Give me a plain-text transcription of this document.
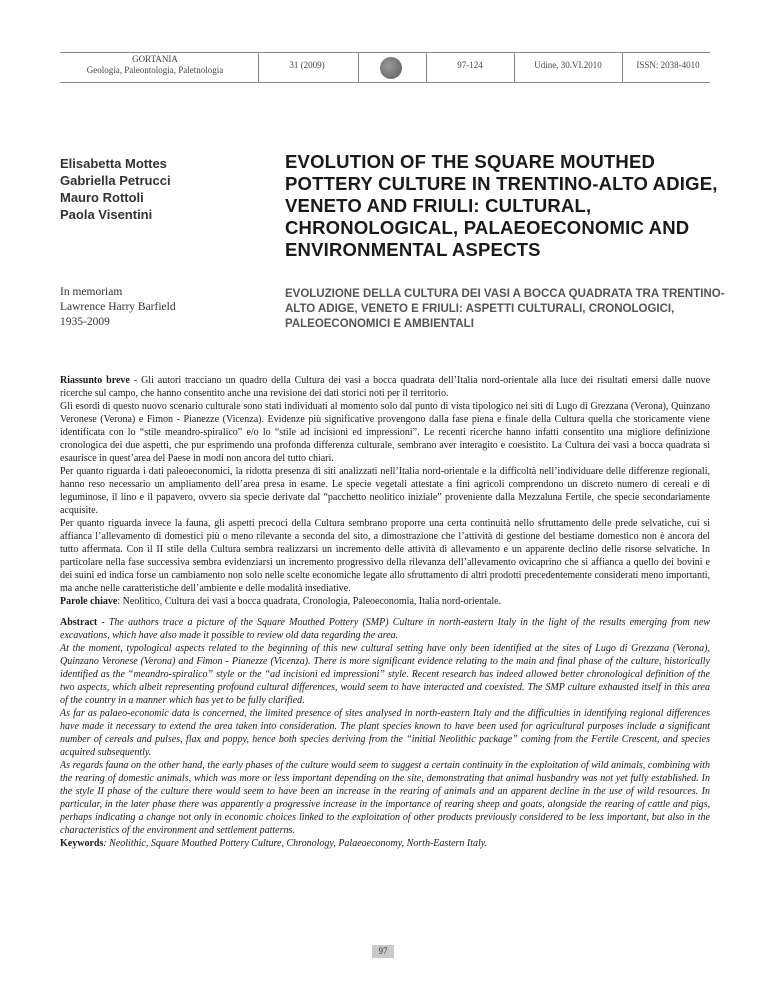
GORTANIA
Geologia, Paleontologia, Paletnologia	31 (2009)	97-124	Udine, 30.VI.2010	ISSN: 2038-4010
Elisabetta Mottes
Gabriella Petrucci
Mauro Rottoli
Paola Visentini
In memoriam
Lawrence Harry Barfield
1935-2009
EVOLUTION OF THE SQUARE MOUTHED POTTERY CULTURE IN TRENTINO-ALTO ADIGE, VENETO AND FRIULI: CULTURAL, CHRONOLOGICAL, PALAEOECONOMIC AND ENVIRONMENTAL ASPECTS
EVOLUZIONE DELLA CULTURA DEI VASI A BOCCA QUADRATA TRA TRENTINO-ALTO ADIGE, VENETO E FRIULI: ASPETTI CULTURALI, CRONOLOGICI, PALEOECONOMICI E AMBIENTALI

Riassunto breve - Gli autori tracciano un quadro della Cultura dei vasi a bocca quadrata dell’Italia nord-orientale alla luce dei risultati emersi dalle nuove ricerche sul campo, che hanno consentito anche una revisione dei dati storici noti per il territorio.

Gli esordi di questo nuovo scenario culturale sono stati individuati al momento solo dal punto di vista tipologico nei siti di Lugo di Grezzana (Verona), Quinzano Veronese (Verona) e Fimon - Pianezze (Vicenza). Evidenze più significative provengono dalla fase piena e finale della Cultura quella che storicamente viene identificata con lo “stile meandro-spiralico” e/o lo “stile ad incisioni ed impressioni”. Le recenti ricerche hanno infatti consentito una migliore definizione cronologica dei due aspetti, che pur esprimendo una profonda differenza culturale, sembrano aver interagito e coesistito. La Cultura dei vasi a bocca quadrata si esaurisce in quest’area del Paese in modi non ancora del tutto chiari.

Per quanto riguarda i dati paleoeconomici, la ridotta presenza di siti analizzati nell’Italia nord-orientale e la difficoltà nell’individuare delle differenze regionali, hanno reso necessario un ampliamento dell’area presa in esame. Le specie vegetali attestate a fini agricoli comprendono un discreto numero di cereali e di leguminose, il lino e il papavero, ovvero sia specie derivate dal “pacchetto neolitico iniziale” proveniente dalla Mezzaluna Fertile, che specie secondariamente acquisite.

Per quanto riguarda invece la fauna, gli aspetti precoci della Cultura sembrano proporre una certa continuità nello sfruttamento delle prede selvatiche, cui si affianca l’allevamento di domestici più o meno rilevante a seconda del sito, a dimostrazione che l’attività di gestione del bestiame domestico non è ancora del tutto affermata. Con il II stile della Cultura sembra realizzarsi un incremento delle attività di allevamento e un apparente declino delle risorse selvatiche. In particolare nella fase successiva sembra evidenziarsi un incremento progressivo della rilevanza dell’allevamento ovicaprino che si affianca a quello dei bovini e dei suini ed indica forse un cambiamento non solo nelle scelte economiche legate allo sfruttamento di altri prodotti precedentemente considerati meno importanti, ma anche nelle caratteristiche dell’ambiente e delle modalità insediative.

Parole chiave: Neolitico, Cultura dei vasi a bocca quadrata, Cronologia, Paleoeconomia, Italia nord-orientale.

Abstract - The authors trace a picture of the Square Mouthed Pottery (SMP) Culture in north-eastern Italy in the light of the results emerging from new excavations, which have also made it possible to review old data regarding the area.

At the moment, typological aspects related to the beginning of this new cultural setting have only been identified at the sites of Lugo di Grezzana (Verona), Quinzano Veronese (Verona) and Fimon - Pianezze (Vicenza). There is more significant evidence relating to the main and final phase of the culture, historically identified as the “meandro-spiralico” style or the “ad incisioni ed impressioni” style. Recent research has indeed allowed better chronological definition of the two aspects, which albeit representing profound cultural differences, would seem to have interacted and coexisted. The SMP culture exhausted itself in this area of the country in a manner which has yet to be fully clarified.

As far as palaeo-economic data is concerned, the limited presence of sites analysed in north-eastern Italy and the difficulties in identifying regional differences have made it necessary to extend the area taken into consideration. The plant species known to have been used for agricultural purposes include a significant number of cereals and pulses, flax and poppy, hence both species deriving from the “initial Neolithic package” coming from the Fertile Crescent, and species acquired subsequently.

As regards fauna on the other hand, the early phases of the culture would seem to suggest a certain continuity in the exploitation of wild animals, combining with the rearing of domestic animals, which was more or less important depending on the site, demonstrating that animal husbandry was not yet fully established. In the style II phase of the culture there would seem to have been an increase in the rearing of animals and an apparent decline in the use of wild resources. In particular, in the later phase there was apparently a progressive increase in the importance of rearing sheep and goats, alongside the rearing of cattle and pigs, perhaps indicating a change not only in economic choices linked to the exploitation of other products previously considered to be less important, but also in the characteristics of the environment and settlement patterns.

Keywords: Neolithic, Square Mouthed Pottery Culture, Chronology, Palaeoeconomy, North-Eastern Italy.

97
